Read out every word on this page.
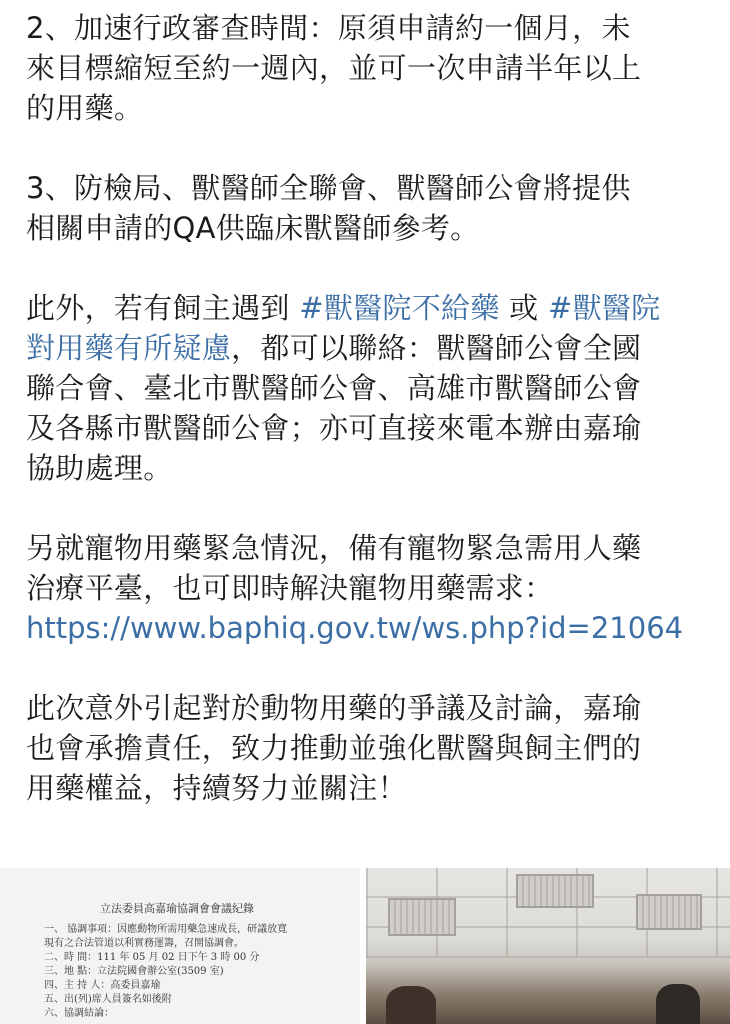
2、加速行政審查時間：原須申請約一個月，未
來目標縮短至約一週內，並可一次申請半年以上
的用藥。
3、防檢局、獸醫師全聯會、獸醫師公會將提供
相關申請的QA供臨床獸醫師參考。
此外，若有飼主遇到 #獸醫院不給藥 或 #獸醫院
對用藥有所疑慮，都可以聯絡：獸醫師公會全國
聯合會、臺北市獸醫師公會、高雄市獸醫師公會
及各縣市獸醫師公會；亦可直接來電本辦由嘉瑜
協助處理。
另就寵物用藥緊急情況，備有寵物緊急需用人藥
治療平臺，也可即時解決寵物用藥需求：
https://www.baphiq.gov.tw/ws.php?id=21064
此次意外引起對於動物用藥的爭議及討論，嘉瑜
也會承擔責任，致力推動並強化獸醫與飼主們的
用藥權益，持續努力並關注！
立法委員高嘉瑜協調會會議紀錄
一、 協調事項：因應動物所需用藥急速成長，研議放寬
現有之合法管道以利實務運籌，召開協調會。
二、時 間：111 年 05 月 02 日下午 3 時 00 分
三、地 點：立法院國會辦公室(3509 室)
四、主 持 人：高委員嘉瑜
五、出(列)席人員簽名如後附
六、協調結論：
